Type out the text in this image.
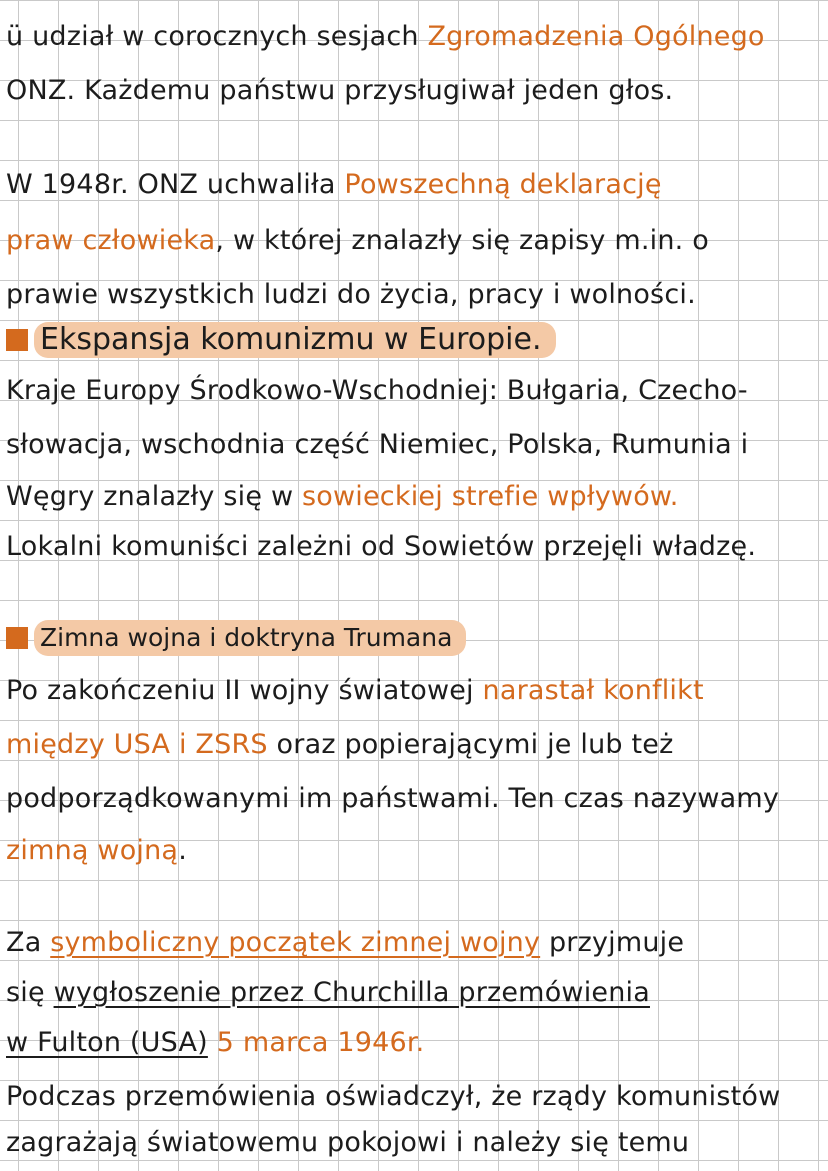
ü udział w corocznych sesjach Zgromadzenia Ogólnego
ONZ. Każdemu państwu przysługiwał jeden głos.
W 1948r. ONZ uchwaliła Powszechną deklarację
praw człowieka, w której znalazły się zapisy m.in. o
prawie wszystkich ludzi do życia, pracy i wolności.
Ekspansja komunizmu w Europie.
Kraje Europy Środkowo-Wschodniej: Bułgaria, Czecho-
słowacja, wschodnia część Niemiec, Polska, Rumunia i
Węgry znalazły się w sowieckiej strefie wpływów.
Lokalni komuniści zależni od Sowietów przejęli władzę.
Zimna wojna i doktryna Trumana
Po zakończeniu II wojny światowej narastał konflikt
między USA i ZSRS oraz popierającymi je lub też
podporządkowanymi im państwami. Ten czas nazywamy
zimną wojną.
Za symboliczny początek zimnej wojny przyjmuje
się wygłoszenie przez Churchilla przemówienia
w Fulton (USA) 5 marca 1946r.
Podczas przemówienia oświadczył, że rządy komunistów
zagrażają światowemu pokojowi i należy się temu
